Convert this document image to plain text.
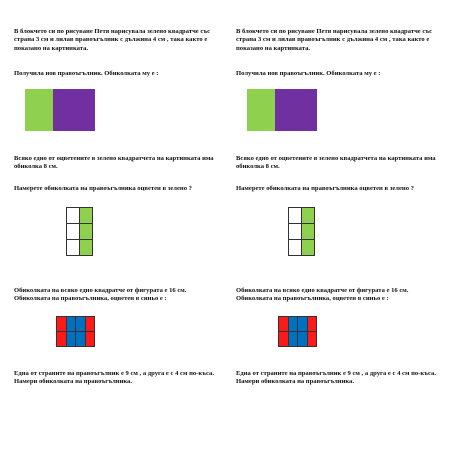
В блокчето си по рисуване Петя нарисувала зелено квадратче със страна 3 см и лилав правоъгълник с дължина 4 см , така както е показано на картинката.

Получила нов правоъгълник. Обиколката му е :

Всяко едно от оцветените в зелено квадратчета на картинката има обиколка 8 см.

Намерете обиколката на правоъгълника оцветен в зелено ?

Обиколката на всяко едно квадратче от фигурата е 16 см. Обиколката на правоъгълника, оцветен в синьо е :

Една от страните на правоъгълник е 9 см , а друга е с 4 см по-къса. Намери обиколката на правоъгълника.

В блокчето си по рисуване Петя нарисувала зелено квадратче със страна 3 см и лилав правоъгълник с дължина 4 см , така както е показано на картинката.

Получила нов правоъгълник. Обиколката му е :

Всяко едно от оцветените в зелено квадратчета на картинката има обиколка 8 см.

Намерете обиколката на правоъгълника оцветен в зелено ?

Обиколката на всяко едно квадратче от фигурата е 16 см. Обиколката на правоъгълника, оцветен в синьо е :

Една от страните на правоъгълник е 9 см , а друга е с 4 см по-къса. Намери обиколката на правоъгълника.
